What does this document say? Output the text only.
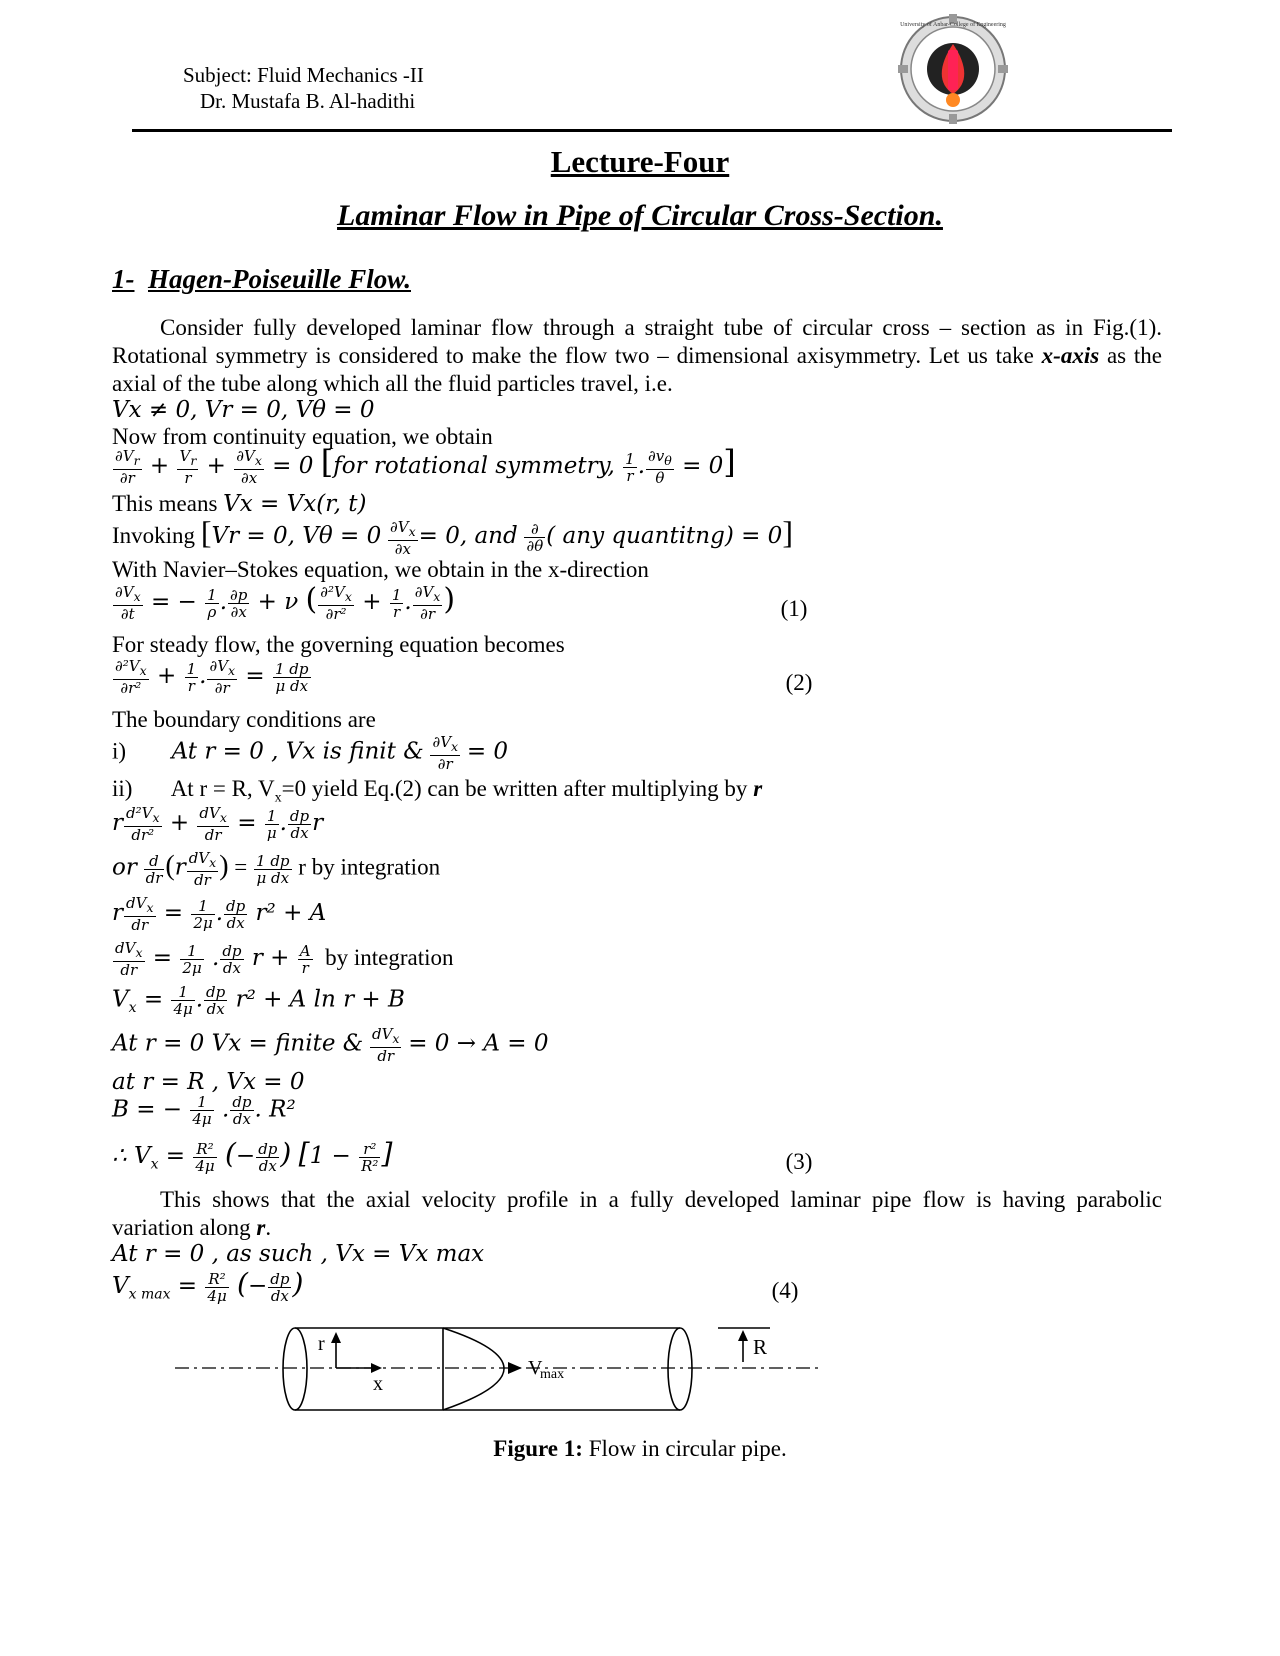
Subject: Fluid Mechanics -II
Dr. Mustafa B. Al-hadithi
University of Anbar-College of Engineering
Lecture-Four
Laminar Flow in Pipe of Circular Cross-Section.
1- Hagen-Poiseuille Flow.
Consider fully developed laminar flow through a straight tube of circular cross – section as in Fig.(1). Rotational symmetry is considered to make the flow two – dimensional axisymmetry. Let us take x-axis as the axial of the tube along which all the fluid particles travel, i.e.
Vx ≠ 0, Vr = 0, Vθ = 0
Now from continuity equation, we obtain
$\frac{\partial V_r}{\partial r} + \frac{V_r}{r} + \frac{\partial V_x}{\partial x} = 0$ [for rotational symmetry, $\frac{1}{r}$ . $\frac{\partial v_\theta}{\theta} = 0$]
This means Vx = Vx(r, t)
Invoking [Vr = 0, $V\theta = 0 \frac{\partial V_x}{\partial x} = 0$, and $\frac{\partial}{\partial\theta}$ ( any quantitng) = 0]
With Navier–Stokes equation, we obtain in the x-direction
$\frac{\partial V_x}{\partial t}$ = − $\frac{1}{\rho}$ . $\frac{\partial p}{\partial x} + \nu$ ( $\frac{\partial^2V_x}{\text{∂r²}} + \frac{1}{r}$ . $\frac{\partial V_x}{\partial r}$ )	(1)
For steady flow, the governing equation becomes
$\frac{\partial^2V_x}{\text{∂r²}} + \frac{1}{r}$ . $\frac{\partial V_x}{\partial r} = \frac{1 dp}{\text{μ dx}}$	(2)
The boundary conditions are
i) At r = 0 , Vx is finit & $\frac{\partial V_x}{\partial r} = 0$
ii) At r = R, $V_x=0$ yield Eq.(2) can be written after multiplying by r
r $\frac{d^2V_x}{\text{dr²}} + \frac{dV_x}{dr} = \frac{1}{\mu}$ . $\frac{dp}{dx}$ r
or $\frac{d}{dr} (r \frac{dV_x}{dr}$ ) = $\frac{1 dp}{\text{μ dx}}$ r by integration
r $\frac{dV_x}{dr} = \frac{1}{2\mu}$ . $\frac{dp}{dx} r^2 + A$
$\frac{dV_x}{dr} = \frac{1}{2\mu}$ . $\frac{dp}{dx}$ $r + \frac{A}{r}$ by integration
$V_x = \frac{1}{4\mu}$ . $\frac{dp}{dx} r^2 + A$ ln r + B
At r = 0 Vx = finite & $\frac{dV_x}{dr} = 0 \to A = 0$
at r = R , Vx = 0
B = − $\frac{1}{4\mu}$ . $\frac{dp}{dx}$ . R²
∴ $V_x = \frac{\text{R²}}{4\mu}$ (− $\frac{dp}{dx}$ ) [$1 - \frac{\text{r²}}{\text{R²}}$ ]	(3)
This shows that the axial velocity profile in a fully developed laminar pipe flow is having parabolic variation along r.
At r = 0 , as such , Vx = Vx max
$V_{x max} = \frac{\text{R²}}{4\mu}$ (− $\frac{dp}{dx}$ )	(4)
r
x
V
max
R
Figure 1: Flow in circular pipe.
